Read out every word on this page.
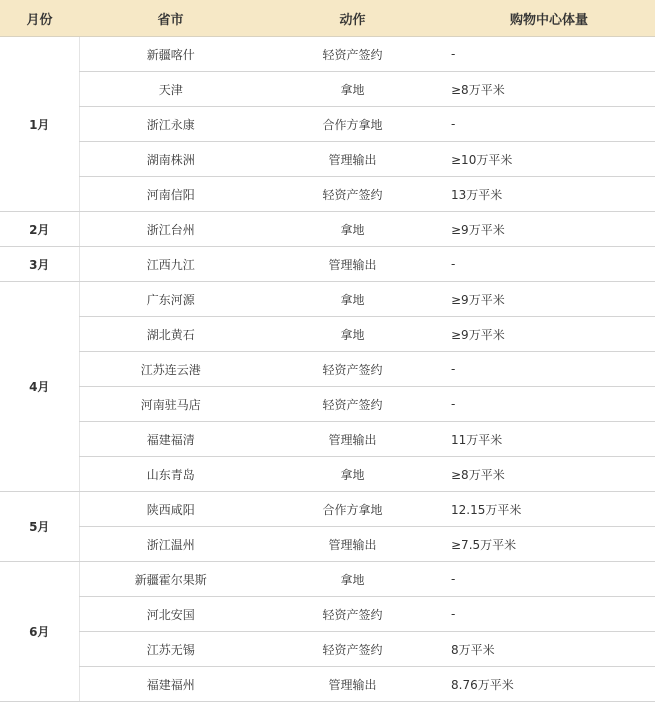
月份	省市	动作	购物中心体量
1月	新疆喀什	轻资产签约	-
	天津	拿地	≥8万平米
	浙江永康	合作方拿地	-
	湖南株洲	管理输出	≥10万平米
	河南信阳	轻资产签约	13万平米
2月	浙江台州	拿地	≥9万平米
3月	江西九江	管理输出	-
4月	广东河源	拿地	≥9万平米
	湖北黄石	拿地	≥9万平米
	江苏连云港	轻资产签约	-
	河南驻马店	轻资产签约	-
	福建福清	管理输出	11万平米
	山东青岛	拿地	≥8万平米
5月	陕西咸阳	合作方拿地	12.15万平米
	浙江温州	管理输出	≥7.5万平米
6月	新疆霍尔果斯	拿地	-
	河北安国	轻资产签约	-
	江苏无锡	轻资产签约	8万平米
	福建福州	管理输出	8.76万平米
